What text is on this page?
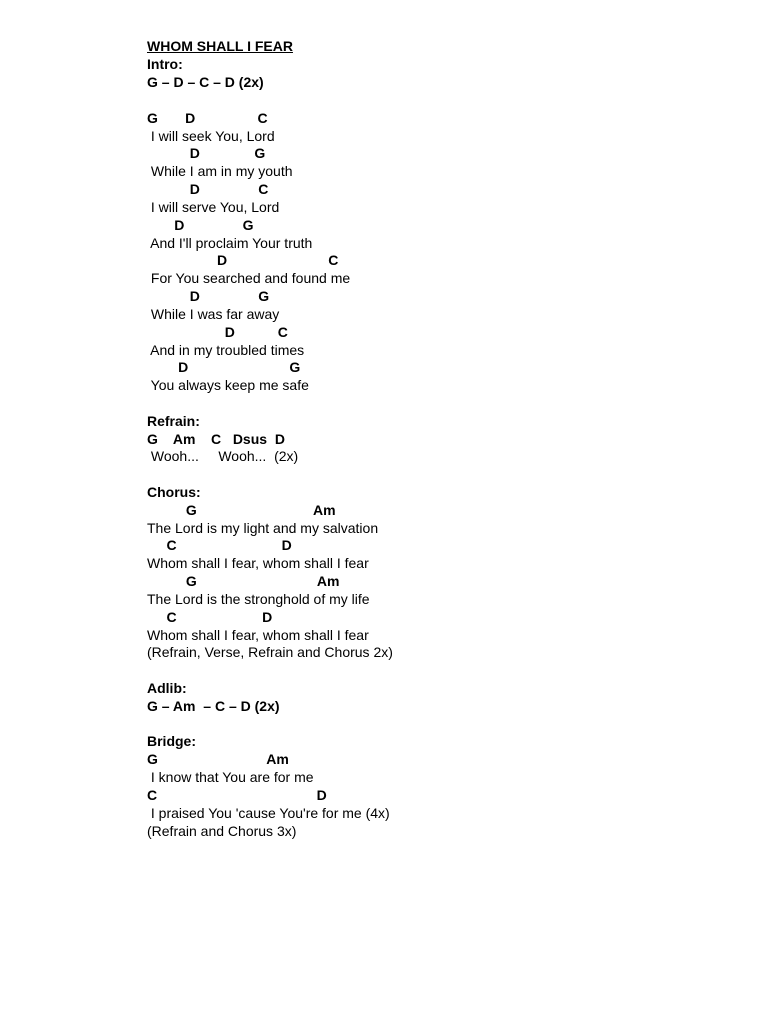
WHOM SHALL I FEAR

Intro:

G – D – C – D (2x)

G       D                C

I will seek You, Lord

D              G

While I am in my youth

D               C

I will serve You, Lord

D               G

And I'll proclaim Your truth

D                          C

For You searched and found me

D               G

While I was far away

D           C

And in my troubled times

D                          G

You always keep me safe

Refrain:

G    Am    C   Dsus  D

Wooh...     Wooh...  (2x)

Chorus:

G                              Am

The Lord is my light and my salvation

C                           D

Whom shall I fear, whom shall I fear

G                               Am

The Lord is the stronghold of my life

C                      D

Whom shall I fear, whom shall I fear

(Refrain, Verse, Refrain and Chorus 2x)

Adlib:

G – Am  – C – D (2x)

Bridge:

G                            Am

I know that You are for me

C                                         D

I praised You 'cause You're for me (4x)

(Refrain and Chorus 3x)
